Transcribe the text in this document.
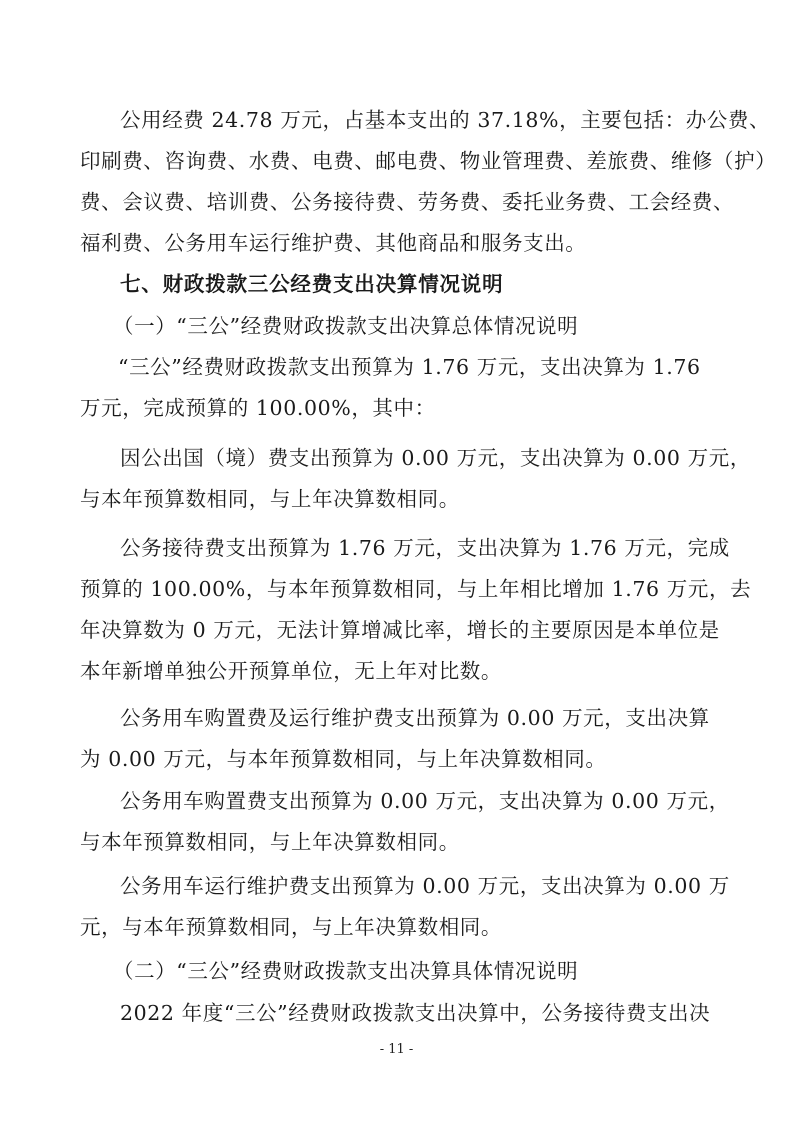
公用经费 24.78 万元，占基本支出的 37.18%，主要包括：办公费、
印刷费、咨询费、水费、电费、邮电费、物业管理费、差旅费、维修（护）
费、会议费、培训费、公务接待费、劳务费、委托业务费、工会经费、
福利费、公务用车运行维护费、其他商品和服务支出。
七、财政拨款三公经费支出决算情况说明
（一）“三公”经费财政拨款支出决算总体情况说明
“三公”经费财政拨款支出预算为 1.76 万元，支出决算为 1.76
万元，完成预算的 100.00%，其中：
因公出国（境）费支出预算为 0.00 万元，支出决算为 0.00 万元，
与本年预算数相同，与上年决算数相同。
公务接待费支出预算为 1.76 万元，支出决算为 1.76 万元，完成
预算的 100.00%，与本年预算数相同，与上年相比增加 1.76 万元，去
年决算数为 0 万元，无法计算增减比率，增长的主要原因是本单位是
本年新增单独公开预算单位，无上年对比数。
公务用车购置费及运行维护费支出预算为 0.00 万元，支出决算
为 0.00 万元，与本年预算数相同，与上年决算数相同。
公务用车购置费支出预算为 0.00 万元，支出决算为 0.00 万元，
与本年预算数相同，与上年决算数相同。
公务用车运行维护费支出预算为 0.00 万元，支出决算为 0.00 万
元，与本年预算数相同，与上年决算数相同。
（二）“三公”经费财政拨款支出决算具体情况说明
2022 年度“三公”经费财政拨款支出决算中，公务接待费支出决
- 11 -
